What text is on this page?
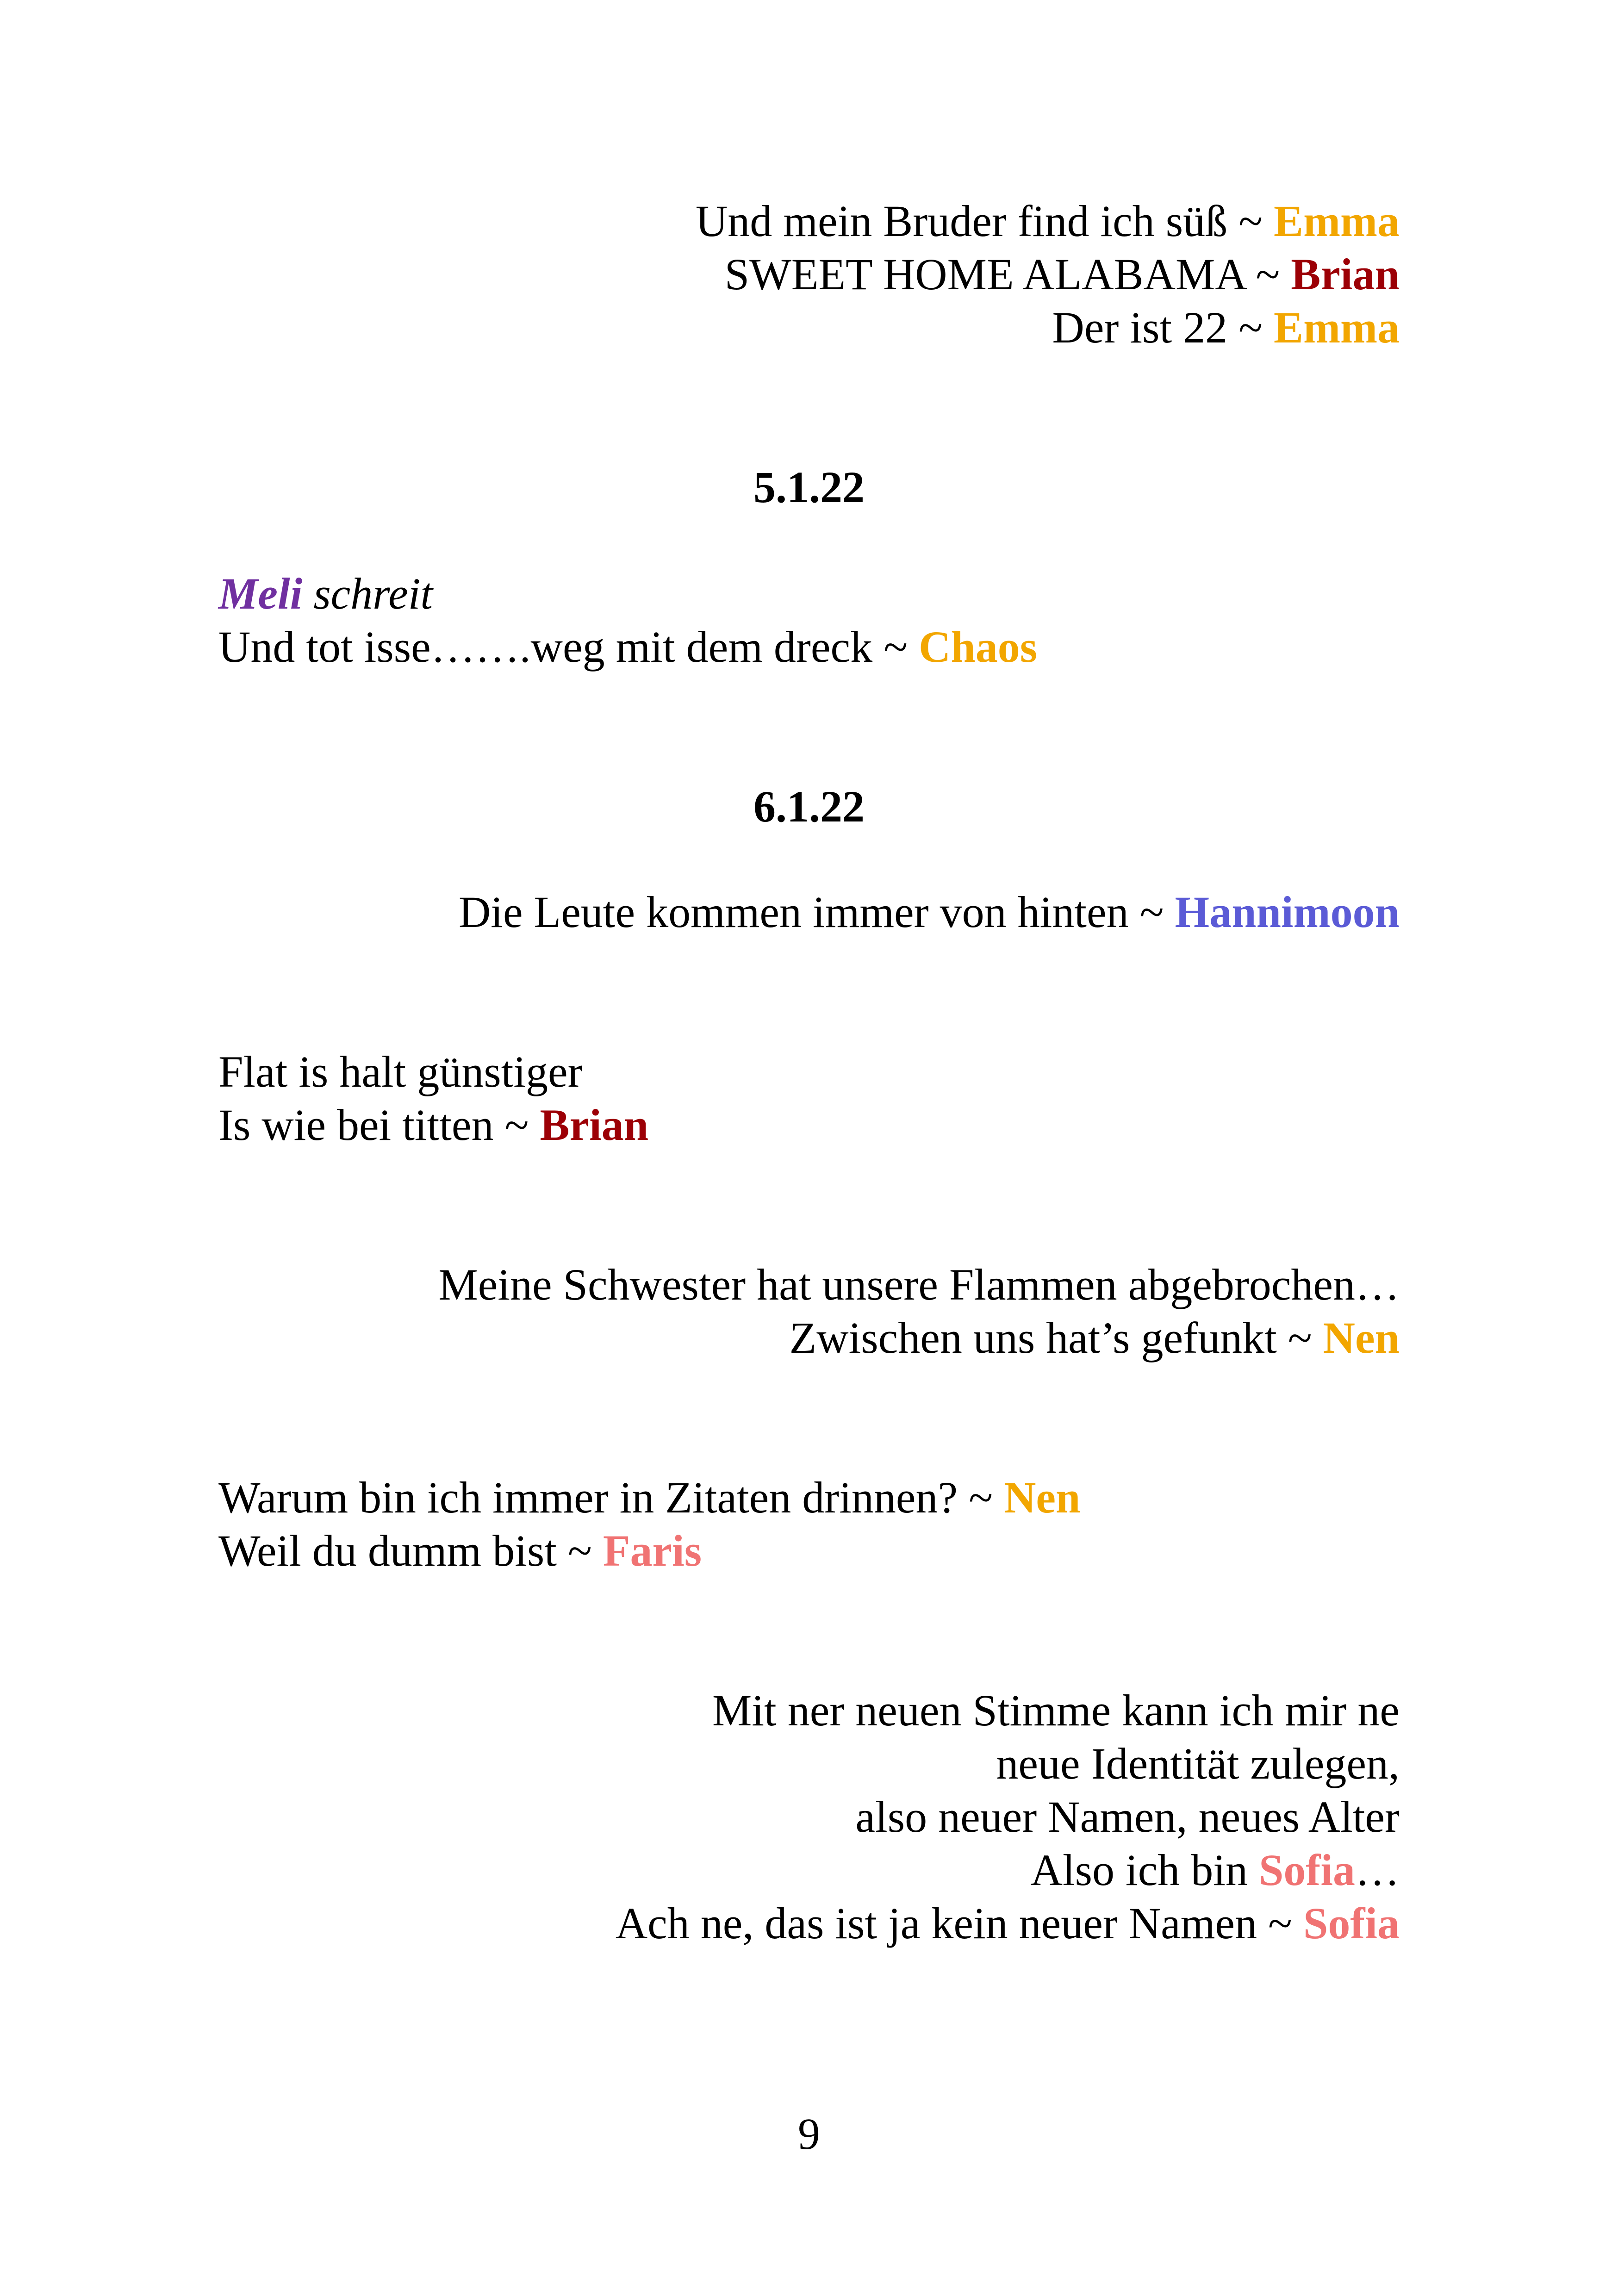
Und mein Bruder find ich süß ~ Emma
SWEET HOME ALABAMA ~ Brian
Der ist 22 ~ Emma
5.1.22
Meli schreit
Und tot isse…….weg mit dem dreck ~ Chaos
6.1.22
Die Leute kommen immer von hinten ~ Hannimoon
Flat is halt günstiger
Is wie bei titten ~ Brian
Meine Schwester hat unsere Flammen abgebrochen…
Zwischen uns hat’s gefunkt ~ Nen
Warum bin ich immer in Zitaten drinnen? ~ Nen
Weil du dumm bist ~ Faris
Mit ner neuen Stimme kann ich mir ne
neue Identität zulegen,
also neuer Namen, neues Alter
Also ich bin Sofia…
Ach ne, das ist ja kein neuer Namen ~ Sofia
9
